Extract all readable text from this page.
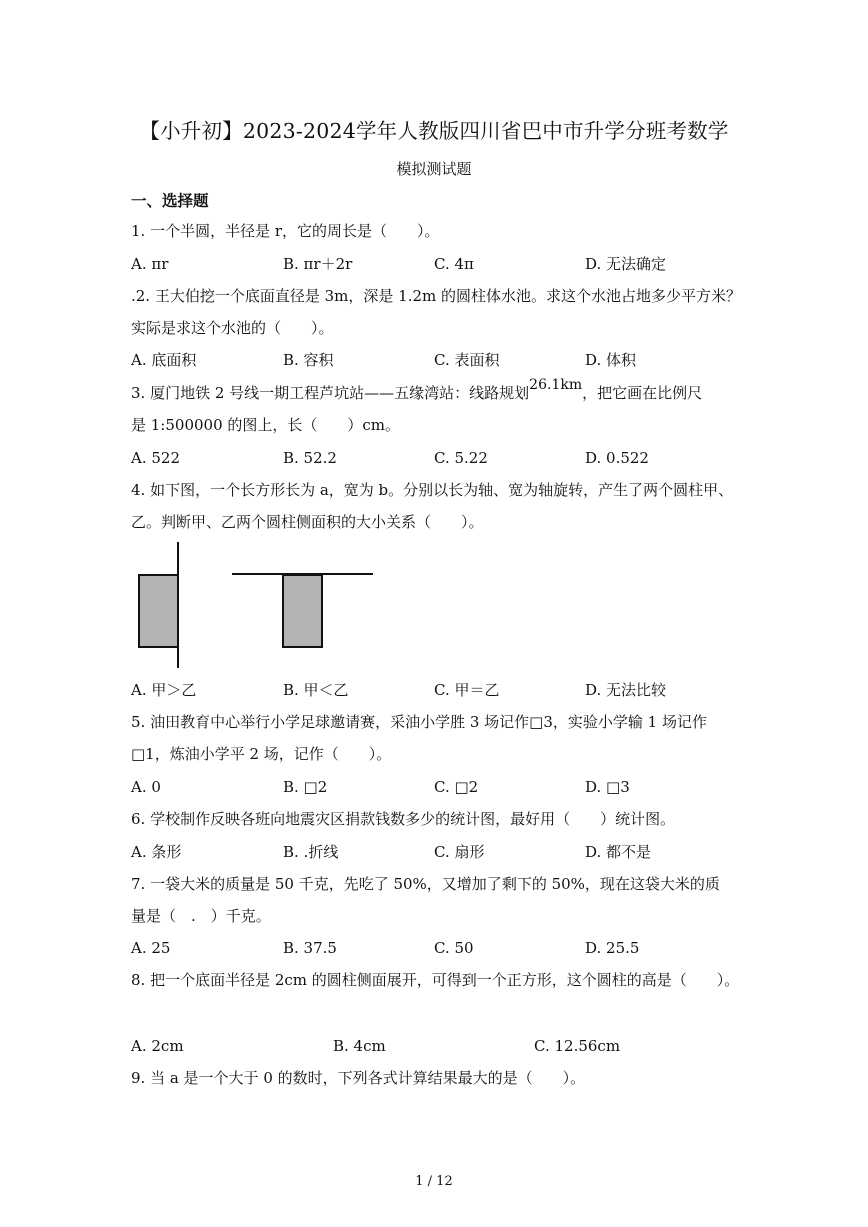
【小升初】2023-2024学年人教版四川省巴中市升学分班考数学
模拟测试题
一、选择题
1. 一个半圆，半径是 r，它的周长是（　　）。
A. πr	B. πr＋2r	C. 4π	D. 无法确定
.2. 王大伯挖一个底面直径是 3m，深是 1.2m 的圆柱体水池。求这个水池占地多少平方米？
实际是求这个水池的（　　）。
A. 底面积	B. 容积	C. 表面积	D. 体积
3. 厦门地铁 2 号线一期工程芦坑站——五缘湾站：线路规划26.1km，把它画在比例尺
是 1:500000 的图上，长（　　）cm。
A. 522	B. 52.2	C. 5.22	D. 0.522
4. 如下图，一个长方形长为 a，宽为 b。分别以长为轴、宽为轴旋转，产生了两个圆柱甲、
乙。判断甲、乙两个圆柱侧面积的大小关系（　　）。
A. 甲＞乙	B. 甲＜乙	C. 甲＝乙	D. 无法比较
5. 油田教育中心举行小学足球邀请赛，采油小学胜 3 场记作□3，实验小学输 1 场记作
□1，炼油小学平 2 场，记作（　　）。
A. 0	B. □2	C. □2	D. □3
6. 学校制作反映各班向地震灾区捐款钱数多少的统计图，最好用（　　）统计图。
A. 条形	B. .折线	C. 扇形	D. 都不是
7. 一袋大米的质量是 50 千克，先吃了 50%，又增加了剩下的 50%，现在这袋大米的质
量是（　.　）千克。
A. 25	B. 37.5	C. 50	D. 25.5
8. 把一个底面半径是 2cm 的圆柱侧面展开，可得到一个正方形，这个圆柱的高是（　　）。
A. 2cm	B. 4cm	C. 12.56cm
9. 当 a 是一个大于 0 的数时，下列各式计算结果最大的是（　　）。
1 / 12
